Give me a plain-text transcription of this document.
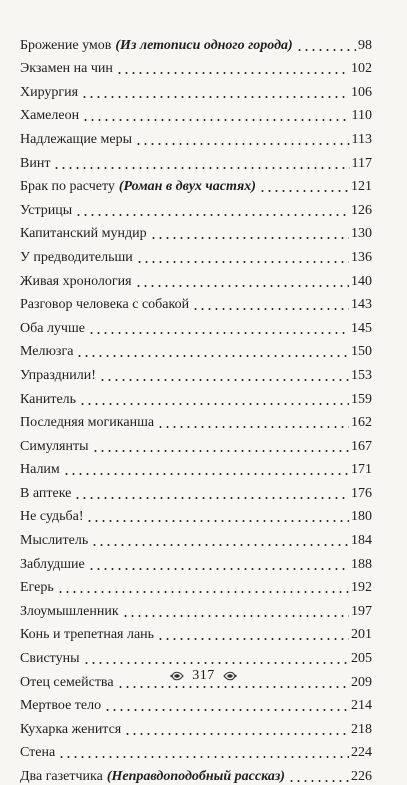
Брожение умов (Из летописи одного города)	98
Экзамен на чин	102
Хирургия	106
Хамелеон	110
Надлежащие меры	113
Винт	117
Брак по расчету (Роман в двух частях)	121
Устрицы	126
Капитанский мундир	130
У предводительши	136
Живая хронология	140
Разговор человека с собакой	143
Оба лучше	145
Мелюзга	150
Упразднили!	153
Канитель	159
Последняя могиканша	162
Симулянты	167
Налим	171
В аптеке	176
Не судьба!	180
Мыслитель	184
Заблудшие	188
Егерь	192
Злоумышленник	197
Конь и трепетная лань	201
Свистуны	205
Отец семейства	209
Мертвое тело	214
Кухарка женится	218
Стена	224
Два газетчика (Неправдоподобный рассказ)	226
317
